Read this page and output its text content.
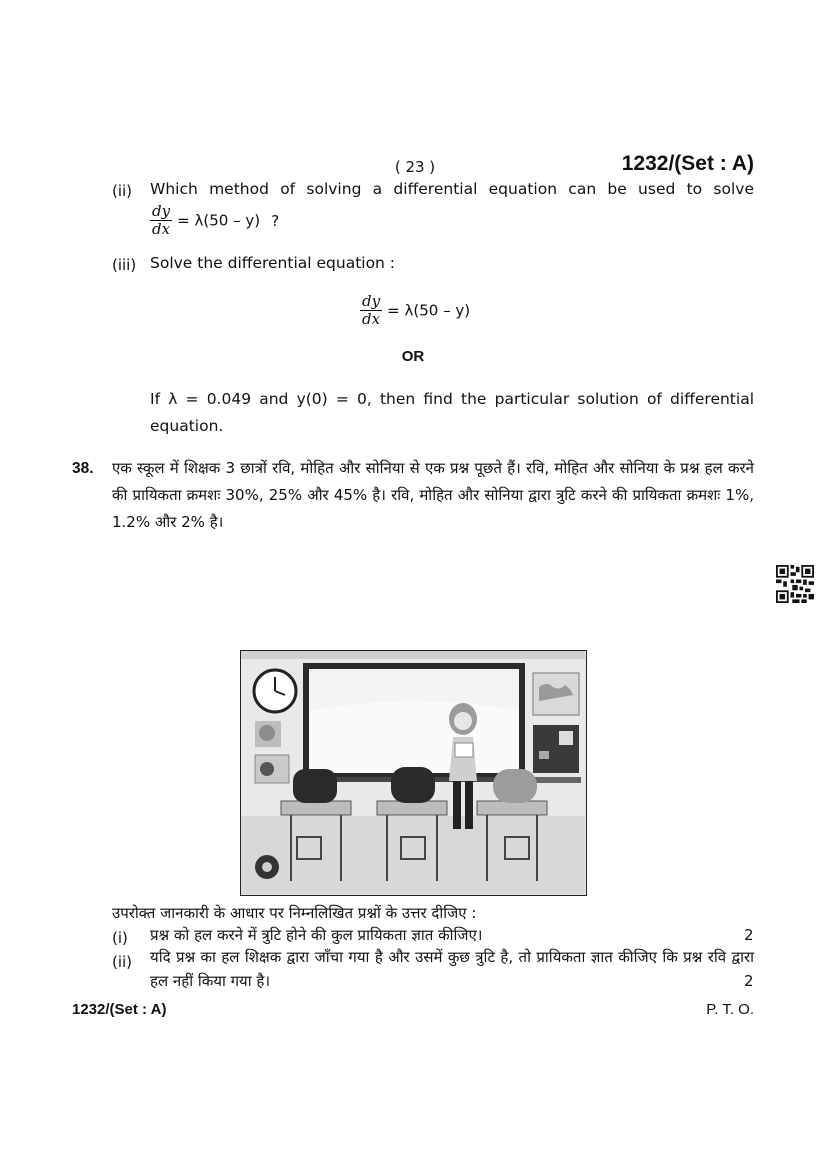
( 23 )	1232/(Set : A)
(ii) Which method of solving a differential equation can be used to solve
$\frac{dy}{dx} = \lambda(50 - y)$ ?
(iii) Solve the differential equation :
$\frac{dy}{dx} = \lambda(50 - y)$
OR
If λ = 0.049 and y(0) = 0, then find the particular solution of differential equation.
38. एक स्कूल में शिक्षक 3 छात्रों रवि, मोहित और सोनिया से एक प्रश्न पूछते हैं। रवि, मोहित और सोनिया के प्रश्न हल करने की प्रायिकता क्रमशः 30%, 25% और 45% है। रवि, मोहित और सोनिया द्वारा त्रुटि करने की प्रायिकता क्रमशः 1%, 1.2% और 2% है।
उपरोक्त जानकारी के आधार पर निम्नलिखित प्रश्नों के उत्तर दीजिए :
(i) प्रश्न को हल करने में त्रुटि होने की कुल प्रायिकता ज्ञात कीजिए।	2
(ii) यदि प्रश्न का हल शिक्षक द्वारा जाँचा गया है और उसमें कुछ त्रुटि है, तो प्रायिकता ज्ञात कीजिए कि प्रश्न रवि द्वारा हल नहीं किया गया है।	2
1232/(Set : A)	P. T. O.
